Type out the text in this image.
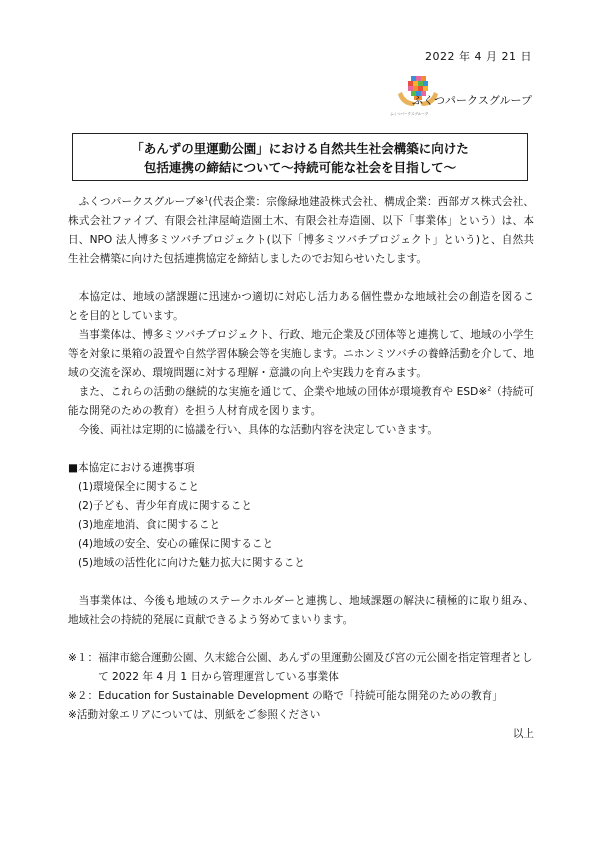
2022 年 4 月 21 日
ふくつパークスグループ
ふくつパークスグループ
「あんずの里運動公園」における自然共生社会構築に向けた
包括連携の締結について～持続可能な社会を目指して～

ふくつパークスグループ※$^1$(代表企業：宗像緑地建設株式会社、構成企業：西部ガス株式会社、株式会社ファイブ、有限会社津屋崎造園土木、有限会社寿造園、以下「事業体」という）は、本日、NPO 法人博多ミツバチプロジェクト(以下「博多ミツバチプロジェクト」という)と、自然共生社会構築に向けた包括連携協定を締結しましたのでお知らせいたします。

本協定は、地域の諸課題に迅速かつ適切に対応し活力ある個性豊かな地域社会の創造を図ることを目的としています。

当事業体は、博多ミツバチプロジェクト、行政、地元企業及び団体等と連携して、地域の小学生等を対象に巣箱の設置や自然学習体験会等を実施します。ニホンミツバチの養蜂活動を介して、地域の交流を深め、環境問題に対する理解・意識の向上や実践力を育みます。

また、これらの活動の継続的な実施を通じて、企業や地域の団体が環境教育や ESD※$^2$（持続可能な開発のための教育）を担う人材育成を図ります。

今後、両社は定期的に協議を行い、具体的な活動内容を決定していきます。

■本協定における連携事項

(1)環境保全に関すること

(2)子ども、青少年育成に関すること

(3)地産地消、食に関すること

(4)地域の安全、安心の確保に関すること

(5)地域の活性化に向けた魅力拡大に関すること

当事業体は、今後も地域のステークホルダーと連携し、地域課題の解決に積極的に取り組み、地域社会の持続的発展に貢献できるよう努めてまいります。

※１： 福津市総合運動公園、久末総合公園、あんずの里運動公園及び宮の元公園を指定管理者として 2022 年 4 月 1 日から管理運営している事業体
※２： Education for Sustainable Development の略で「持続可能な開発のための教育」
※活動対象エリアについては、別紙をご参照ください

以上
